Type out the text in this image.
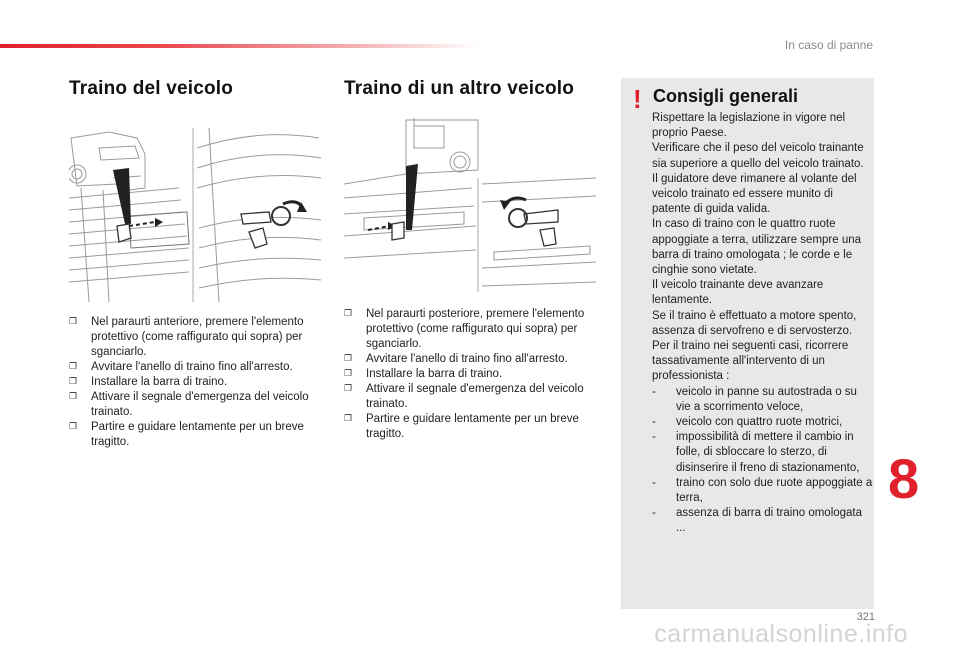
In caso di panne
Traino del veicolo
❐ Nel paraurti anteriore, premere l'elemento protettivo (come raffigurato qui sopra) per sganciarlo.
❐ Avvitare l'anello di traino fino all'arresto.
❐ Installare la barra di traino.
❐ Attivare il segnale d'emergenza del veicolo trainato.
❐ Partire e guidare lentamente per un breve tragitto.
Traino di un altro veicolo
❐ Nel paraurti posteriore, premere l'elemento protettivo (come raffigurato qui sopra) per sganciarlo.
❐ Avvitare l'anello di traino fino all'arresto.
❐ Installare la barra di traino.
❐ Attivare il segnale d'emergenza del veicolo trainato.
❐ Partire e guidare lentamente per un breve tragitto.
! Consigli generali

Rispettare la legislazione in vigore nel proprio Paese.

Verificare che il peso del veicolo trainante sia superiore a quello del veicolo trainato.

Il guidatore deve rimanere al volante del veicolo trainato ed essere munito di patente di guida valida.

In caso di traino con le quattro ruote appoggiate a terra, utilizzare sempre una barra di traino omologata ; le corde e le cinghie sono vietate.

Il veicolo trainante deve avanzare lentamente.

Se il traino è effettuato a motore spento, assenza di servofreno e di servosterzo.

Per il traino nei seguenti casi, ricorrere tassativamente all'intervento di un professionista :

- veicolo in panne su autostrada o su vie a scorrimento veloce,
- veicolo con quattro ruote motrici,
- impossibilità di mettere il cambio in folle, di sbloccare lo sterzo, di disinserire il freno di stazionamento,
- traino con solo due ruote appoggiate a terra,
- assenza di barra di traino omologata ...
8
321
carmanualsonline.info
